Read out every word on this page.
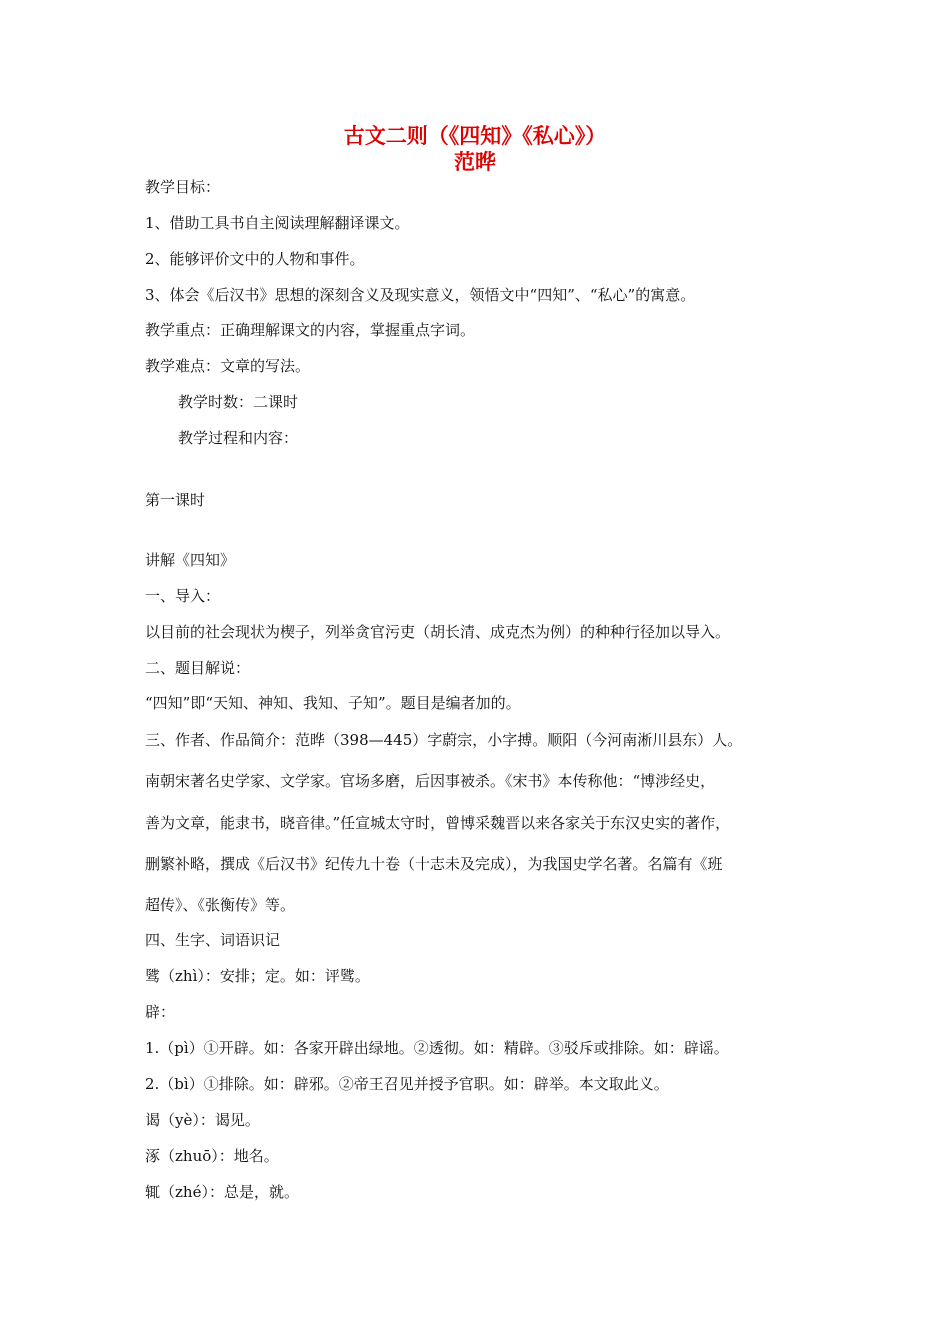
古文二则（《四知》《私心》）
范晔
教学目标：
1、借助工具书自主阅读理解翻译课文。
2、能够评价文中的人物和事件。
3、体会《后汉书》思想的深刻含义及现实意义，领悟文中“四知”、“私心”的寓意。
教学重点：正确理解课文的内容，掌握重点字词。
教学难点：文章的写法。
教学时数：二课时
教学过程和内容：
第一课时
讲解《四知》
一、导入：
以目前的社会现状为楔子，列举贪官污吏（胡长清、成克杰为例）的种种行径加以导入。
二、题目解说：
“四知”即“天知、神知、我知、子知”。题目是编者加的。
三、作者、作品简介：范晔（398—445）字蔚宗，小字搏。顺阳（今河南淅川县东）人。
南朝宋著名史学家、文学家。官场多磨，后因事被杀。《宋书》本传称他：“博涉经史，
善为文章，能隶书，晓音律。”任宣城太守时，曾博采魏晋以来各家关于东汉史实的著作，
删繁补略，撰成《后汉书》纪传九十卷（十志未及完成），为我国史学名著。名篇有《班
超传》、《张衡传》等。
四、生字、词语识记
骘（zhì）：安排；定。如：评骘。
辟：
1.（pì）①开辟。如：各家开辟出绿地。②透彻。如：精辟。③驳斥或排除。如：辟谣。
2.（bì）①排除。如：辟邪。②帝王召见并授予官职。如：辟举。本文取此义。
谒（yè）：谒见。
涿（zhuō）：地名。
辄（zhé）：总是，就。
